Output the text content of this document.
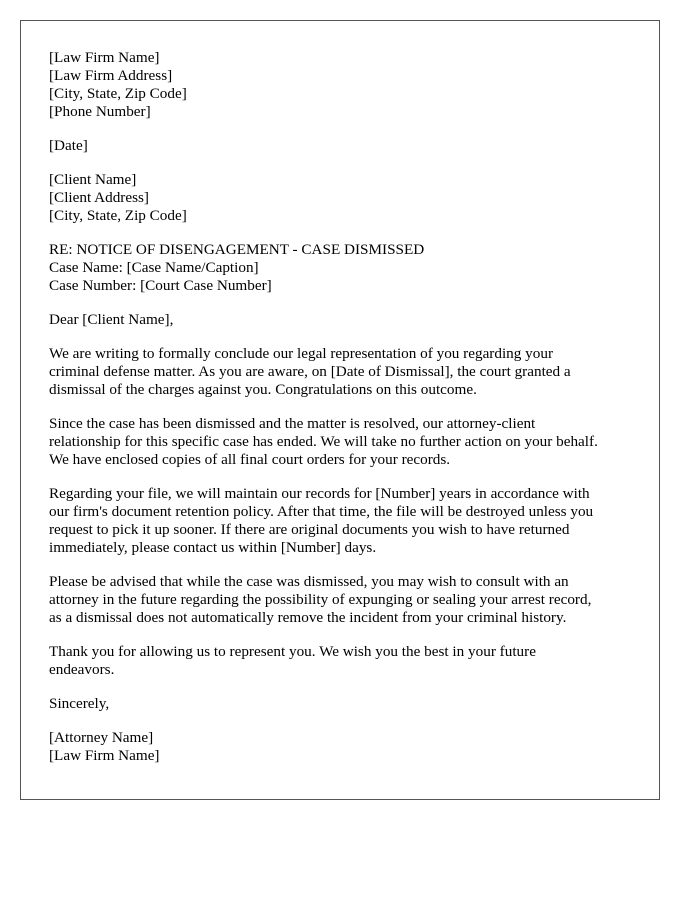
[Law Firm Name]
[Law Firm Address]
[City, State, Zip Code]
[Phone Number]
[Date]
[Client Name]
[Client Address]
[City, State, Zip Code]
RE: NOTICE OF DISENGAGEMENT - CASE DISMISSED
Case Name: [Case Name/Caption]
Case Number: [Court Case Number]
Dear [Client Name],

We are writing to formally conclude our legal representation of you regarding your
criminal defense matter. As you are aware, on [Date of Dismissal], the court granted a
dismissal of the charges against you. Congratulations on this outcome.

Since the case has been dismissed and the matter is resolved, our attorney-client
relationship for this specific case has ended. We will take no further action on your behalf.
We have enclosed copies of all final court orders for your records.

Regarding your file, we will maintain our records for [Number] years in accordance with
our firm's document retention policy. After that time, the file will be destroyed unless you
request to pick it up sooner. If there are original documents you wish to have returned
immediately, please contact us within [Number] days.

Please be advised that while the case was dismissed, you may wish to consult with an
attorney in the future regarding the possibility of expunging or sealing your arrest record,
as a dismissal does not automatically remove the incident from your criminal history.

Thank you for allowing us to represent you. We wish you the best in your future
endeavors.

Sincerely,
[Attorney Name]
[Law Firm Name]
